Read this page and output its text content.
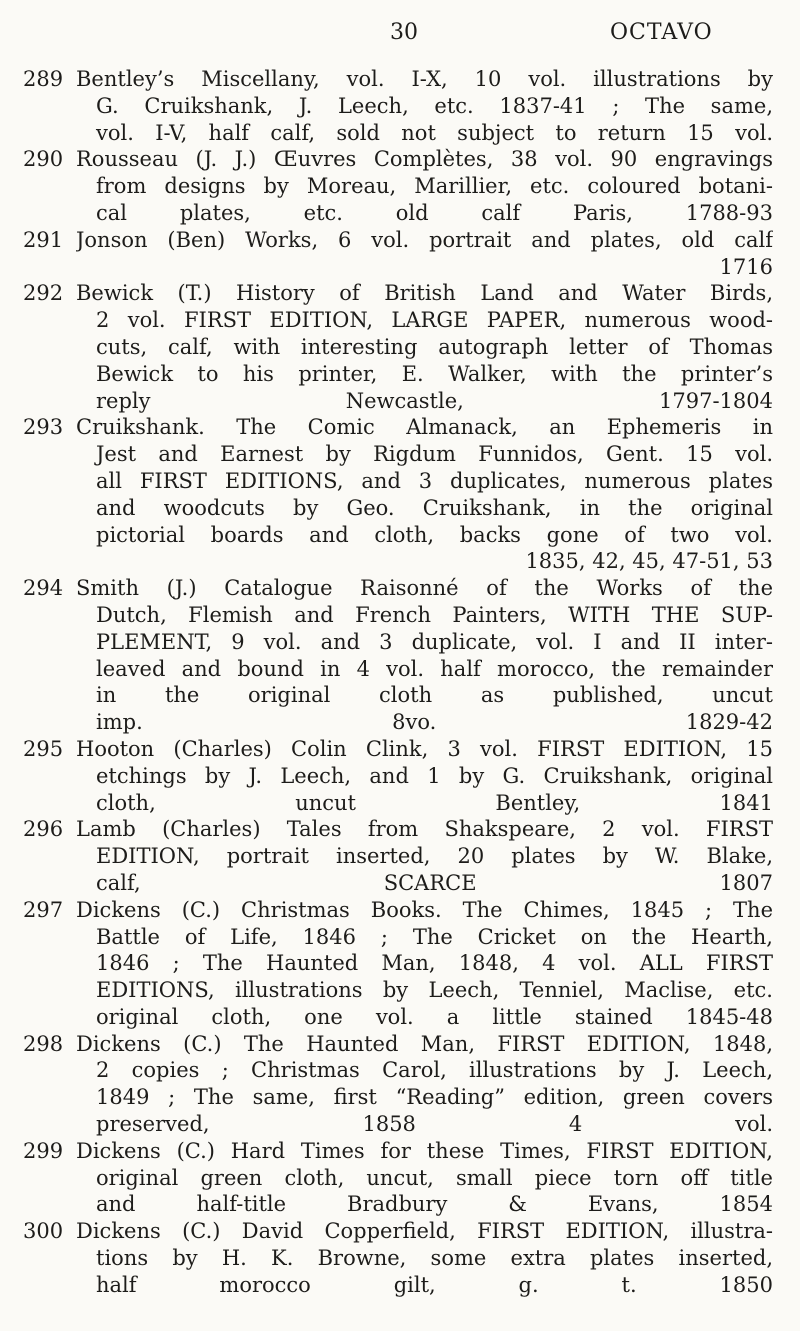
30	OCTAVO
289 Bentley’s Miscellany, vol. I-X, 10 vol. illustrations by
G. Cruikshank, J. Leech, etc. 1837-41 ; The same,
vol. I-V, half calf, sold not subject to return 15 vol.
290 Rousseau (J. J.) Œuvres Complètes, 38 vol. 90 engravings
from designs by Moreau, Marillier, etc. coloured botani-
cal plates, etc. old calf Paris, 1788-93
291 Jonson (Ben) Works, 6 vol. portrait and plates, old calf
1716
292 Bewick (T.) History of British Land and Water Birds,
2 vol. FIRST EDITION, LARGE PAPER, numerous wood-
cuts, calf, with interesting autograph letter of Thomas
Bewick to his printer, E. Walker, with the printer’s
reply Newcastle, 1797-1804
293 Cruikshank. The Comic Almanack, an Ephemeris in
Jest and Earnest by Rigdum Funnidos, Gent. 15 vol.
all FIRST EDITIONS, and 3 duplicates, numerous plates
and woodcuts by Geo. Cruikshank, in the original
pictorial boards and cloth, backs gone of two vol.
1835, 42, 45, 47-51, 53
294 Smith (J.) Catalogue Raisonné of the Works of the
Dutch, Flemish and French Painters, WITH THE SUP-
PLEMENT, 9 vol. and 3 duplicate, vol. I and II inter-
leaved and bound in 4 vol. half morocco, the remainder
in the original cloth as published, uncut
imp. 8vo. 1829-42
295 Hooton (Charles) Colin Clink, 3 vol. FIRST EDITION, 15
etchings by J. Leech, and 1 by G. Cruikshank, original
cloth, uncut Bentley, 1841
296 Lamb (Charles) Tales from Shakspeare, 2 vol. FIRST
EDITION, portrait inserted, 20 plates by W. Blake,
calf, SCARCE 1807
297 Dickens (C.) Christmas Books. The Chimes, 1845 ; The
Battle of Life, 1846 ; The Cricket on the Hearth,
1846 ; The Haunted Man, 1848, 4 vol. ALL FIRST
EDITIONS, illustrations by Leech, Tenniel, Maclise, etc.
original cloth, one vol. a little stained 1845-48
298 Dickens (C.) The Haunted Man, FIRST EDITION, 1848,
2 copies ; Christmas Carol, illustrations by J. Leech,
1849 ; The same, first “Reading” edition, green covers
preserved, 1858 4 vol.
299 Dickens (C.) Hard Times for these Times, FIRST EDITION,
original green cloth, uncut, small piece torn off title
and half-title Bradbury & Evans, 1854
300 Dickens (C.) David Copperfield, FIRST EDITION, illustra-
tions by H. K. Browne, some extra plates inserted,
half morocco gilt, g. t. 1850
